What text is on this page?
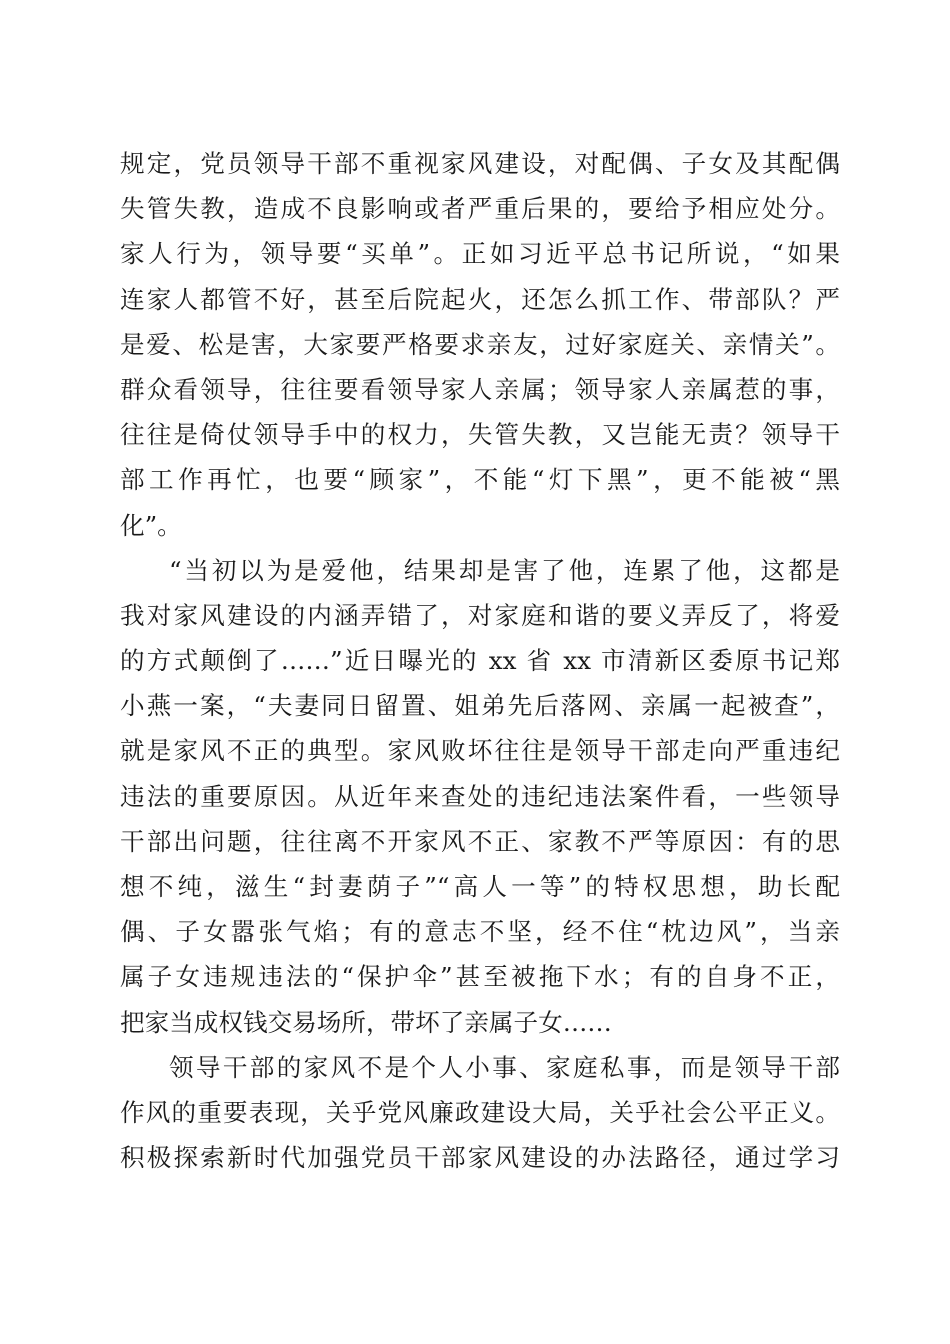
规定，党员领导干部不重视家风建设，对配偶、子女及其配偶
失管失教，造成不良影响或者严重后果的，要给予相应处分。
家人行为，领导要“买单”。正如习近平总书记所说，“如果
连家人都管不好，甚至后院起火，还怎么抓工作、带部队？严
是爱、松是害，大家要严格要求亲友，过好家庭关、亲情关”。
群众看领导，往往要看领导家人亲属；领导家人亲属惹的事，
往往是倚仗领导手中的权力，失管失教，又岂能无责？领导干
部工作再忙，也要“顾家”，不能“灯下黑”，更不能被“黑
化”。
“当初以为是爱他，结果却是害了他，连累了他，这都是
我对家风建设的内涵弄错了，对家庭和谐的要义弄反了，将爱
的方式颠倒了……”近日曝光的 xx 省 xx 市清新区委原书记郑
小燕一案，“夫妻同日留置、姐弟先后落网、亲属一起被查”，
就是家风不正的典型。家风败坏往往是领导干部走向严重违纪
违法的重要原因。从近年来查处的违纪违法案件看，一些领导
干部出问题，往往离不开家风不正、家教不严等原因：有的思
想不纯，滋生“封妻荫子”“高人一等”的特权思想，助长配
偶、子女嚣张气焰；有的意志不坚，经不住“枕边风”，当亲
属子女违规违法的“保护伞”甚至被拖下水；有的自身不正，
把家当成权钱交易场所，带坏了亲属子女……
领导干部的家风不是个人小事、家庭私事，而是领导干部
作风的重要表现，关乎党风廉政建设大局，关乎社会公平正义。
积极探索新时代加强党员干部家风建设的办法路径，通过学习
